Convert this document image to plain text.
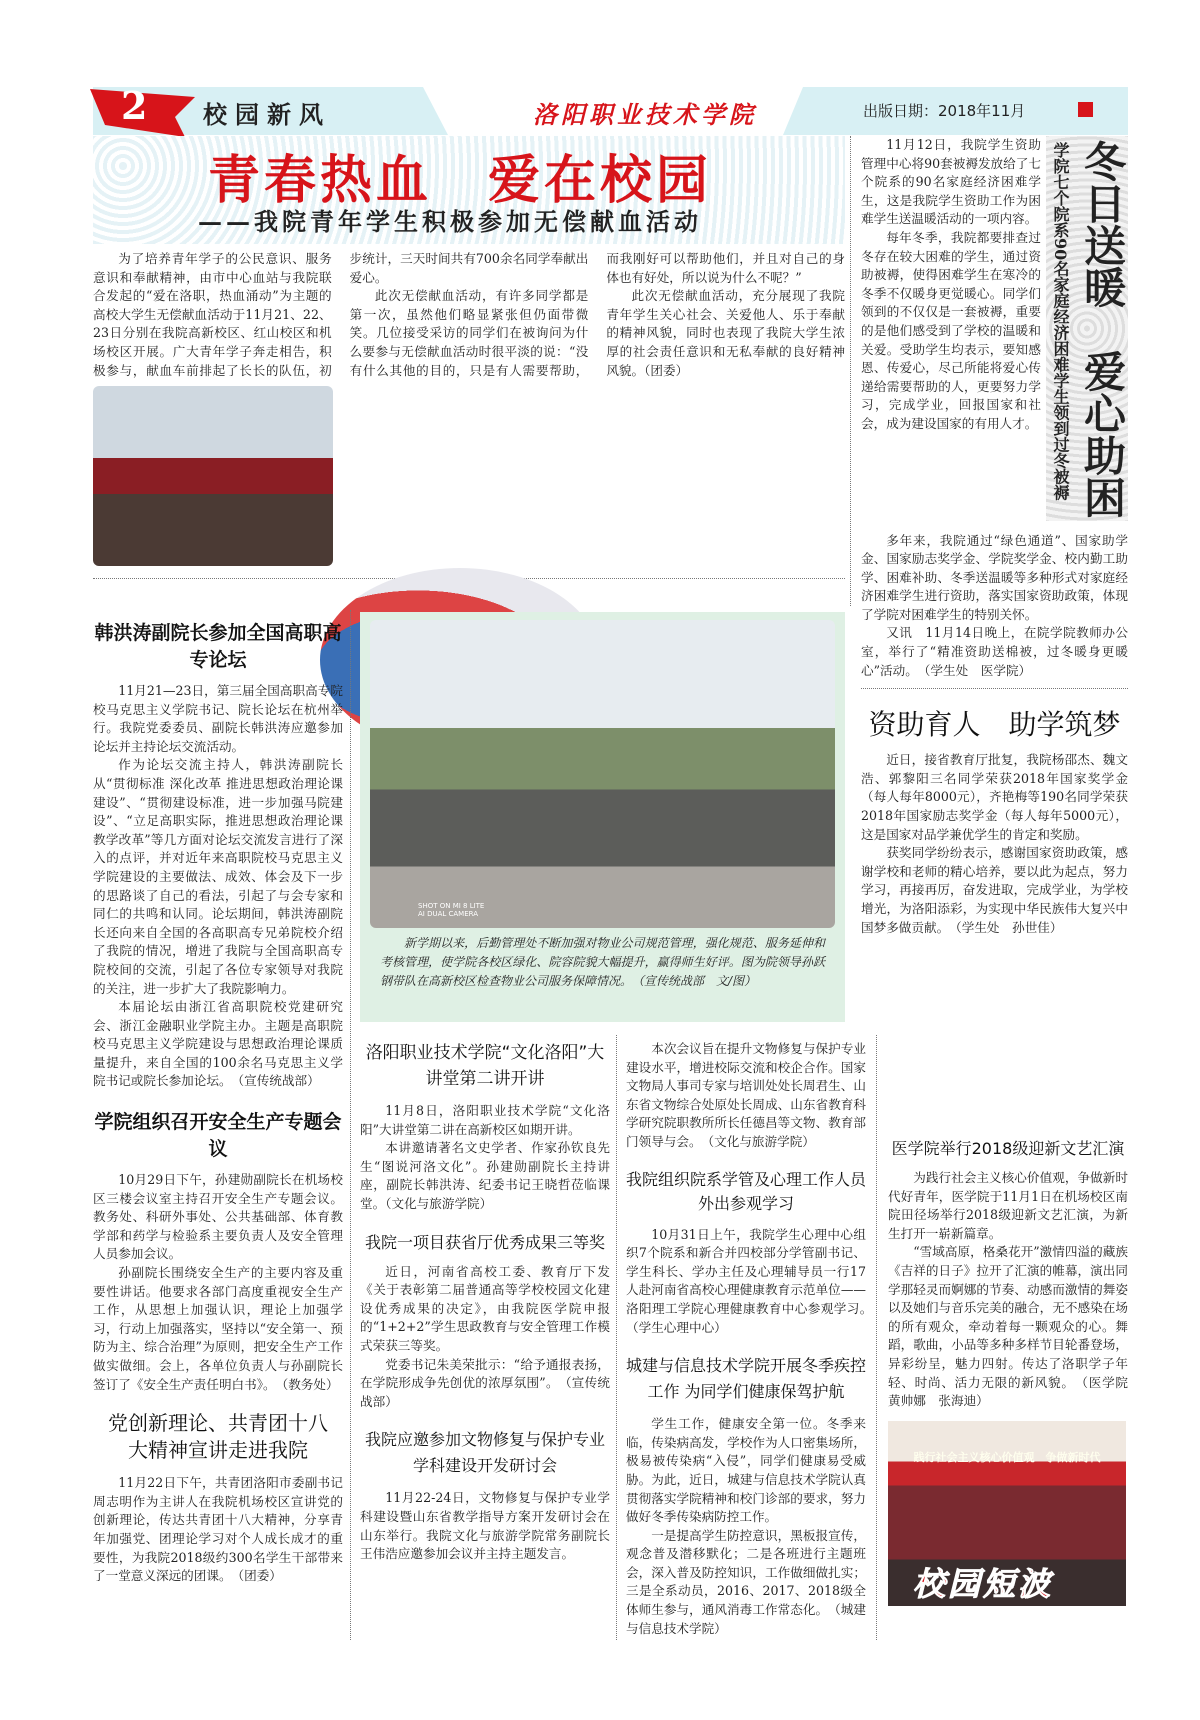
2 校园新风	洛阳职业技术学院	出版日期：2018年11月
青春热血　爱在校园
——我院青年学生积极参加无偿献血活动

为了培养青年学子的公民意识、服务意识和奉献精神，由市中心血站与我院联合发起的“爱在洛职，热血涌动”为主题的高校大学生无偿献血活动于11月21、22、23日分别在我院高新校区、红山校区和机场校区开展。广大青年学子奔走相告，积极参与，献血车前排起了长长的队伍，初步统计，三天时间共有700余名同学奉献出爱心。

此次无偿献血活动，有许多同学都是第一次，虽然他们略显紧张但仍面带微笑。几位接受采访的同学们在被询问为什么要参与无偿献血活动时很平淡的说：“没有什么其他的目的，只是有人需要帮助，而我刚好可以帮助他们，并且对自己的身体也有好处，所以说为什么不呢？”

此次无偿献血活动，充分展现了我院青年学生关心社会、关爱他人、乐于奉献的精神风貌，同时也表现了我院大学生浓厚的社会责任意识和无私奉献的良好精神风貌。（团委）	学院七个院系90名家庭经济困难学生领到过冬被褥 冬日送暖　爱心助困

11月12日，我院学生资助管理中心将90套被褥发放给了七个院系的90名家庭经济困难学生，这是我院学生资助工作为困难学生送温暖活动的一项内容。

每年冬季，我院都要排查过冬存在较大困难的学生，通过资助被褥，使得困难学生在寒冷的冬季不仅暖身更觉暖心。同学们领到的不仅仅是一套被褥，重要的是他们感受到了学校的温暖和关爱。受助学生均表示，要知感恩、传爱心，尽己所能将爱心传递给需要帮助的人，更要努力学习，完成学业，回报国家和社会，成为建设国家的有用人才。

多年来，我院通过“绿色通道”、国家助学金、国家励志奖学金、学院奖学金、校内勤工助学、困难补助、冬季送温暖等多种形式对家庭经济困难学生进行资助，落实国家资助政策，体现了学院对困难学生的特别关怀。

又讯　11月14日晚上，在院学院教师办公室，举行了“精准资助送棉被，过冬暖身更暖心”活动。　（学生处　医学院）

资助育人　助学筑梦

近日，接省教育厅批复，我院杨邵杰、魏文浩、郭黎阳三名同学荣获2018年国家奖学金（每人每年8000元），齐艳梅等190名同学荣获2018年国家励志奖学金（每人每年5000元），这是国家对品学兼优学生的肯定和奖励。

获奖同学纷纷表示，感谢国家资助政策，感谢学校和老师的精心培养，要以此为起点，努力学习，再接再厉，奋发进取，完成学业，为学校增光，为洛阳添彩，为实现中华民族伟大复兴中国梦多做贡献。　（学生处　孙世佳）

韩洪涛副院长参加全国高职高专论坛

11月21—23日，第三届全国高职高专院校马克思主义学院书记、院长论坛在杭州举行。我院党委委员、副院长韩洪涛应邀参加论坛并主持论坛交流活动。

作为论坛交流主持人，韩洪涛副院长从“贯彻标准 深化改革 推进思想政治理论课建设”、“贯彻建设标准，进一步加强马院建设”、“立足高职实际，推进思想政治理论课教学改革”等几方面对论坛交流发言进行了深入的点评，并对近年来高职院校马克思主义学院建设的主要做法、成效、体会及下一步的思路谈了自己的看法，引起了与会专家和同仁的共鸣和认同。论坛期间，韩洪涛副院长还向来自全国的各高职高专兄弟院校介绍了我院的情况，增进了我院与全国高职高专院校间的交流，引起了各位专家领导对我院的关注，进一步扩大了我院影响力。

本届论坛由浙江省高职院校党建研究会、浙江金融职业学院主办。主题是高职院校马克思主义学院建设与思想政治理论课质量提升，来自全国的100余名马克思主义学院书记或院长参加论坛。　（宣传统战部）

学院组织召开安全生产专题会议

10月29日下午，孙建勋副院长在机场校区三楼会议室主持召开安全生产专题会议。教务处、科研外事处、公共基础部、体育教学部和药学与检验系主要负责人及安全管理人员参加会议。

孙副院长围绕安全生产的主要内容及重要性讲话。他要求各部门高度重视安全生产工作，从思想上加强认识，理论上加强学习，行动上加强落实，坚持以“安全第一、预防为主、综合治理”为原则，把安全生产工作做实做细。会上，各单位负责人与孙副院长签订了《安全生产责任明白书》。　（教务处）

党创新理论、共青团十八大精神宣讲走进我院

11月22日下午，共青团洛阳市委副书记周志明作为主讲人在我院机场校区宣讲党的创新理论，传达共青团十八大精神，分享青年加强党、团理论学习对个人成长成才的重要性，为我院2018级约300名学生干部带来了一堂意义深远的团课。　（团委）

SHOT ON MI 8 LITE
AI DUAL CAMERA

新学期以来，后勤管理处不断加强对物业公司规范管理，强化规范、服务延伸和考核管理，使学院各校区绿化、院容院貌大幅提升，赢得师生好评。图为院领导孙跃钢带队在高新校区检查物业公司服务保障情况。　（宣传统战部　文/图）

洛阳职业技术学院“文化洛阳”大讲堂第二讲开讲

11月8日，洛阳职业技术学院“文化洛阳”大讲堂第二讲在高新校区如期开讲。

本讲邀请著名文史学者、作家孙钦良先生“图说河洛文化”。孙建勋副院长主持讲座，副院长韩洪涛、纪委书记王晓哲莅临课堂。（文化与旅游学院）

我院一项目获省厅优秀成果三等奖

近日，河南省高校工委、教育厅下发《关于表彰第二届普通高等学校校园文化建设优秀成果的决定》，由我院医学院申报的“1+2+2”学生思政教育与安全管理工作模式荣获三等奖。

党委书记朱美荣批示：“给予通报表扬，在学院形成争先创优的浓厚氛围”。　（宣传统战部）

我院应邀参加文物修复与保护专业学科建设开发研讨会

11月22-24日，文物修复与保护专业学科建设暨山东省教学指导方案开发研讨会在山东举行。我院文化与旅游学院常务副院长王伟浩应邀参加会议并主持主题发言。

本次会议旨在提升文物修复与保护专业建设水平，增进校际交流和校企合作。国家文物局人事司专家与培训处处长周君生、山东省文物综合处原处长周成、山东省教育科学研究院职教所所长任德昌等文物、教育部门领导与会。　（文化与旅游学院）

我院组织院系学管及心理工作人员外出参观学习

10月31日上午，我院学生心理中心组织7个院系和新合并四校部分学管副书记、学生科长、学办主任及心理辅导员一行17人赴河南省高校心理健康教育示范单位——洛阳理工学院心理健康教育中心参观学习。　（学生心理中心）

城建与信息技术学院开展冬季疾控工作 为同学们健康保驾护航

学生工作，健康安全第一位。冬季来临，传染病高发，学校作为人口密集场所，极易被传染病“入侵”，同学们健康易受威胁。为此，近日，城建与信息技术学院认真贯彻落实学院精神和校门诊部的要求，努力做好冬季传染病防控工作。

一是提高学生防控意识，黑板报宣传，观念普及潜移默化；二是各班进行主题班会，深入普及防控知识，工作做细做扎实；三是全系动员，2016、2017、2018级全体师生参与，通风消毒工作常态化。　（城建与信息技术学院）

医学院举行2018级迎新文艺汇演

为践行社会主义核心价值观，争做新时代好青年，医学院于11月1日在机场校区南院田径场举行2018级迎新文艺汇演，为新生打开一崭新篇章。

“雪域高原，格桑花开”激情四溢的藏族《吉祥的日子》拉开了汇演的帷幕，演出同学那轻灵而婀娜的节奏、动感而激情的舞姿以及她们与音乐完美的融合，无不感染在场的所有观众，牵动着每一颗观众的心。舞蹈，歌曲，小品等多种多样节目轮番登场，异彩纷呈，魅力四射。传达了洛职学子年轻、时尚、活力无限的新风貌。　（医学院　黄帅娜　张海迪）

践行社会主义核心价值观　争做新时代
校园短波
